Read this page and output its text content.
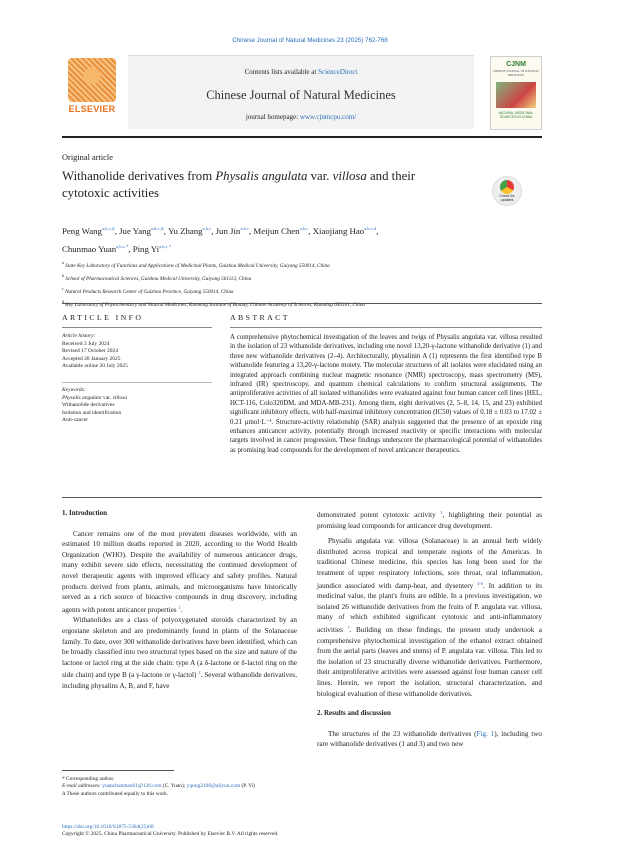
Chinese Journal of Natural Medicines 23 (2025) 762-768
ELSEVIER
Contents lists available at ScienceDirect
Chinese Journal of Natural Medicines
journal homepage: www.cjnmcpu.com/
CJNM
CHINESE JOURNAL OF NATURAL MEDICINES
NATURAL MEDICINAL SOURCES IN CHINA
Original article
Withanolide derivatives from Physalis angulata var. villosa and their cytotoxic activities	Check for updates
Peng Wang$^{a,b,c,\Delta}$, Jue Yang$^{a,b,c,\Delta}$, Yu Zhang$^{a,b,c}$, Jun Jin$^{a,b,c}$, Meijun Chen$^{a,b,c}$, Xiaojiang Hao$^{a,b,c,d}$,
Chunmao Yuan$^{a,b,c,*}$, Ping $Yi^{a,b,c,*}$
$^a$ State Key Laboratory of Functions and Applications of Medicinal Plants, Guizhou Medical University, Guiyang 550014, China
$^b$ School of Pharmaceutical Sciences, Guizhou Medical University, Guiyang 561113, China
$^c$ Natural Products Research Center of Guizhou Province, Guiyang 550014, China
$^d$ Key Laboratory of Phytochemistry and Natural Medicines, Kunming Institute of Botany, Chinese Academy of Sciences, Kunming 650201, China
ARTICLE INFO	ABSTRACT
Article history:
Received 3 July 2024
Revised 17 October 2024
Accepted 28 January 2025
Available online 20 July 2025
Keywords:
Physalis angulata var. villosa
Withanolide derivatives
Isolation and identification
Anti-cancer
A comprehensive phytochemical investigation of the leaves and twigs of Physalis angulata var. villosa resulted in the isolation of 23 withanolide derivatives, including one novel 13,20-γ-lactone withanolide derivative (1) and three new withanolide derivatives (2–4). Architecturally, physalinin A (1) represents the first identified type B withanolide featuring a 13,20-γ-lactone moiety. The molecular structures of all isolates were elucidated using an integrated approach combining nuclear magnetic resonance (NMR) spectroscopy, mass spectrometry (MS), infrared (IR) spectroscopy, and quantum chemical calculations to confirm structural assignments. The antiproliferative activities of all isolated withanolides were evaluated against four human cancer cell lines (HEL, HCT-116, Colo320DM, and MDA-MB-231). Among them, eight derivatives (2, 5–8, 14, 15, and 23) exhibited significant inhibitory effects, with half-maximal inhibitory concentration (IC50) values of 0.18 ± 0.03 to 17.02 ± 0.21 μmol·L⁻¹. Structure-activity relationship (SAR) analysis suggested that the presence of an epoxide ring enhances anticancer activity, potentially through increased reactivity or specific interactions with molecular targets involved in cancer progression. These findings underscore the pharmacological potential of withanolides as promising lead compounds for the development of novel anticancer therapeutics.
1. Introduction

Cancer remains one of the most prevalent diseases worldwide, with an estimated 10 million deaths reported in 2020, according to the World Health Organization (WHO). Despite the availability of numerous anticancer drugs, many exhibit severe side effects, necessitating the continued development of novel therapeutic agents with improved efficacy and safety profiles. Natural products derived from plants, animals, and microorganisms have historically served as a rich source of bioactive compounds in drug discovery, including agents with potent anticancer properties $^1$.

Withanolides are a class of polyoxygenated steroids characterized by an ergostane skeleton and are predominantly found in plants of the Solanaceae family. To date, over 300 withanolide derivatives have been identified, which can be broadly classified into two structural types based on the size and nature of the lactone or lactol ring at the side chain: type A (a δ-lactone or δ-lactol ring on the side chain) and type B (a γ-lactone or γ-lactol) $^2$. Several withanolide derivatives, including physalins A, B, and F, have

demonstrated potent cytotoxic activity $^3$, highlighting their potential as promising lead compounds for anticancer drug development.

Physalis angulata var. villosa (Solanaceae) is an annual herb widely distributed across tropical and temperate regions of the Americas. In traditional Chinese medicine, this species has long been used for the treatment of upper respiratory infections, sore throat, oral inflammation, jaundice associated with damp-heat, and dysentery $^{4-6}$. In addition to its medicinal value, the plant's fruits are edible. In a previous investigation, we isolated 26 withanolide derivatives from the fruits of P. angulata var. villosa, many of which exhibited significant cytotoxic and anti-inflammatory activities $^7$. Building on these findings, the present study undertook a comprehensive phytochemical investigation of the ethanol extract obtained from the aerial parts (leaves and stems) of P. angulata var. villosa. This led to the isolation of 23 structurally diverse withanolide derivatives. Furthermore, their antiproliferative activities were assessed against four human cancer cell lines. Herein, we report the isolation, structural characterization, and biological evaluation of these withanolide derivatives.

2. Results and discussion

The structures of the 23 withanolide derivatives (Fig. 1), including two rare withanolide derivatives (1 and 3) and two new

* Corresponding author.
E-mail addresses: yuanchunmao01@126.com (C. Yuan); yiping2100@aliyun.com (P. Yi)
Δ These authors contributed equally to this work.
https://doi.org/10.1016/S1875-5364(25)60
Copyright © 2025, China Pharmaceutical University. Published by Elsevier B.V. All rights reserved.
